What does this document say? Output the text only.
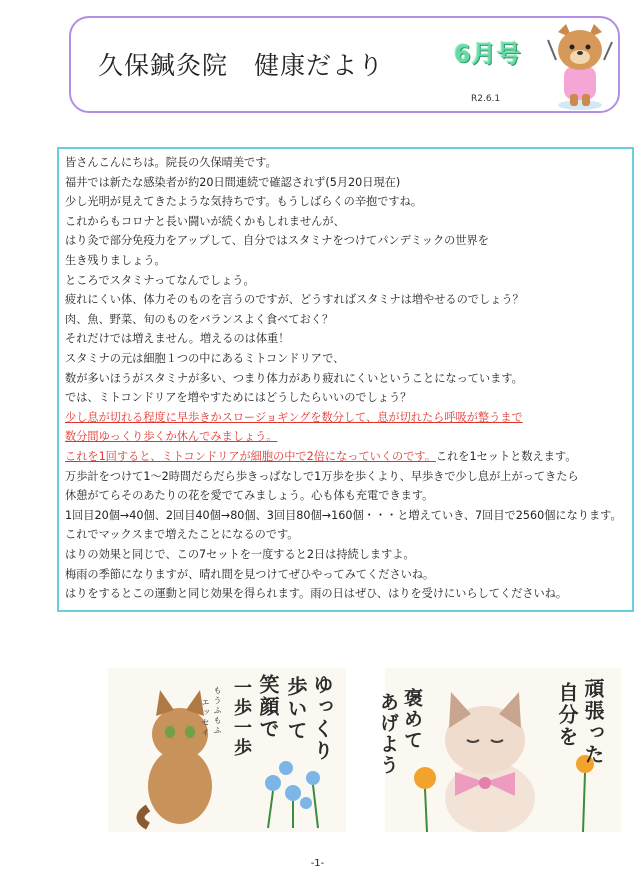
久保鍼灸院　健康だより	6月号
R2.6.1
皆さんこんにちは。院長の久保晴美です。
福井では新たな感染者が約20日間連続で確認されず(5月20日現在)
少し光明が見えてきたような気持ちです。もうしばらくの辛抱ですね。
これからもコロナと長い闘いが続くかもしれませんが、
はり灸で部分免疫力をアップして、自分ではスタミナをつけてパンデミックの世界を
生き残りましょう。
ところでスタミナってなんでしょう。
疲れにくい体、体力そのものを言うのですが、どうすればスタミナは増やせるのでしょう？
肉、魚、野菜、旬のものをバランスよく食べておく？
それだけでは増えません。増えるのは体重！
スタミナの元は細胞１つの中にあるミトコンドリアで、
数が多いほうがスタミナが多い、つまり体力があり疲れにくいということになっています。
では、ミトコンドリアを増やすためにはどうしたらいいのでしょう？
少し息が切れる程度に早歩きかスロージョギングを数分して、息が切れたら呼吸が整うまで
数分間ゆっくり歩くか休んでみましょう。
これを1回すると、ミトコンドリアが細胞の中で2倍になっていくのです。これを1セットと数えます。
万歩計をつけて1～2時間だらだら歩きっぱなしで1万歩を歩くより、早歩きで少し息が上がってきたら
休憩がてらそのあたりの花を愛でてみましょう。心も体も充電できます。
1回目20個→40個、2回目40個→80個、3回目80個→160個・・・と増えていき、7回目で2560個になります。
これでマックスまで増えたことになるのです。
はりの効果と同じで、この7セットを一度すると2日は持続しますよ。
梅雨の季節になりますが、晴れ間を見つけてぜひやってみてくださいね。
はりをするとこの運動と同じ効果を得られます。雨の日はぜひ、はりを受けにいらしてくださいね。
ゆっくり
歩いて
笑顔で
一歩一歩
もうふもふ
エッセイ	頑張った
自分を
褒めて
あげよう
-1-
